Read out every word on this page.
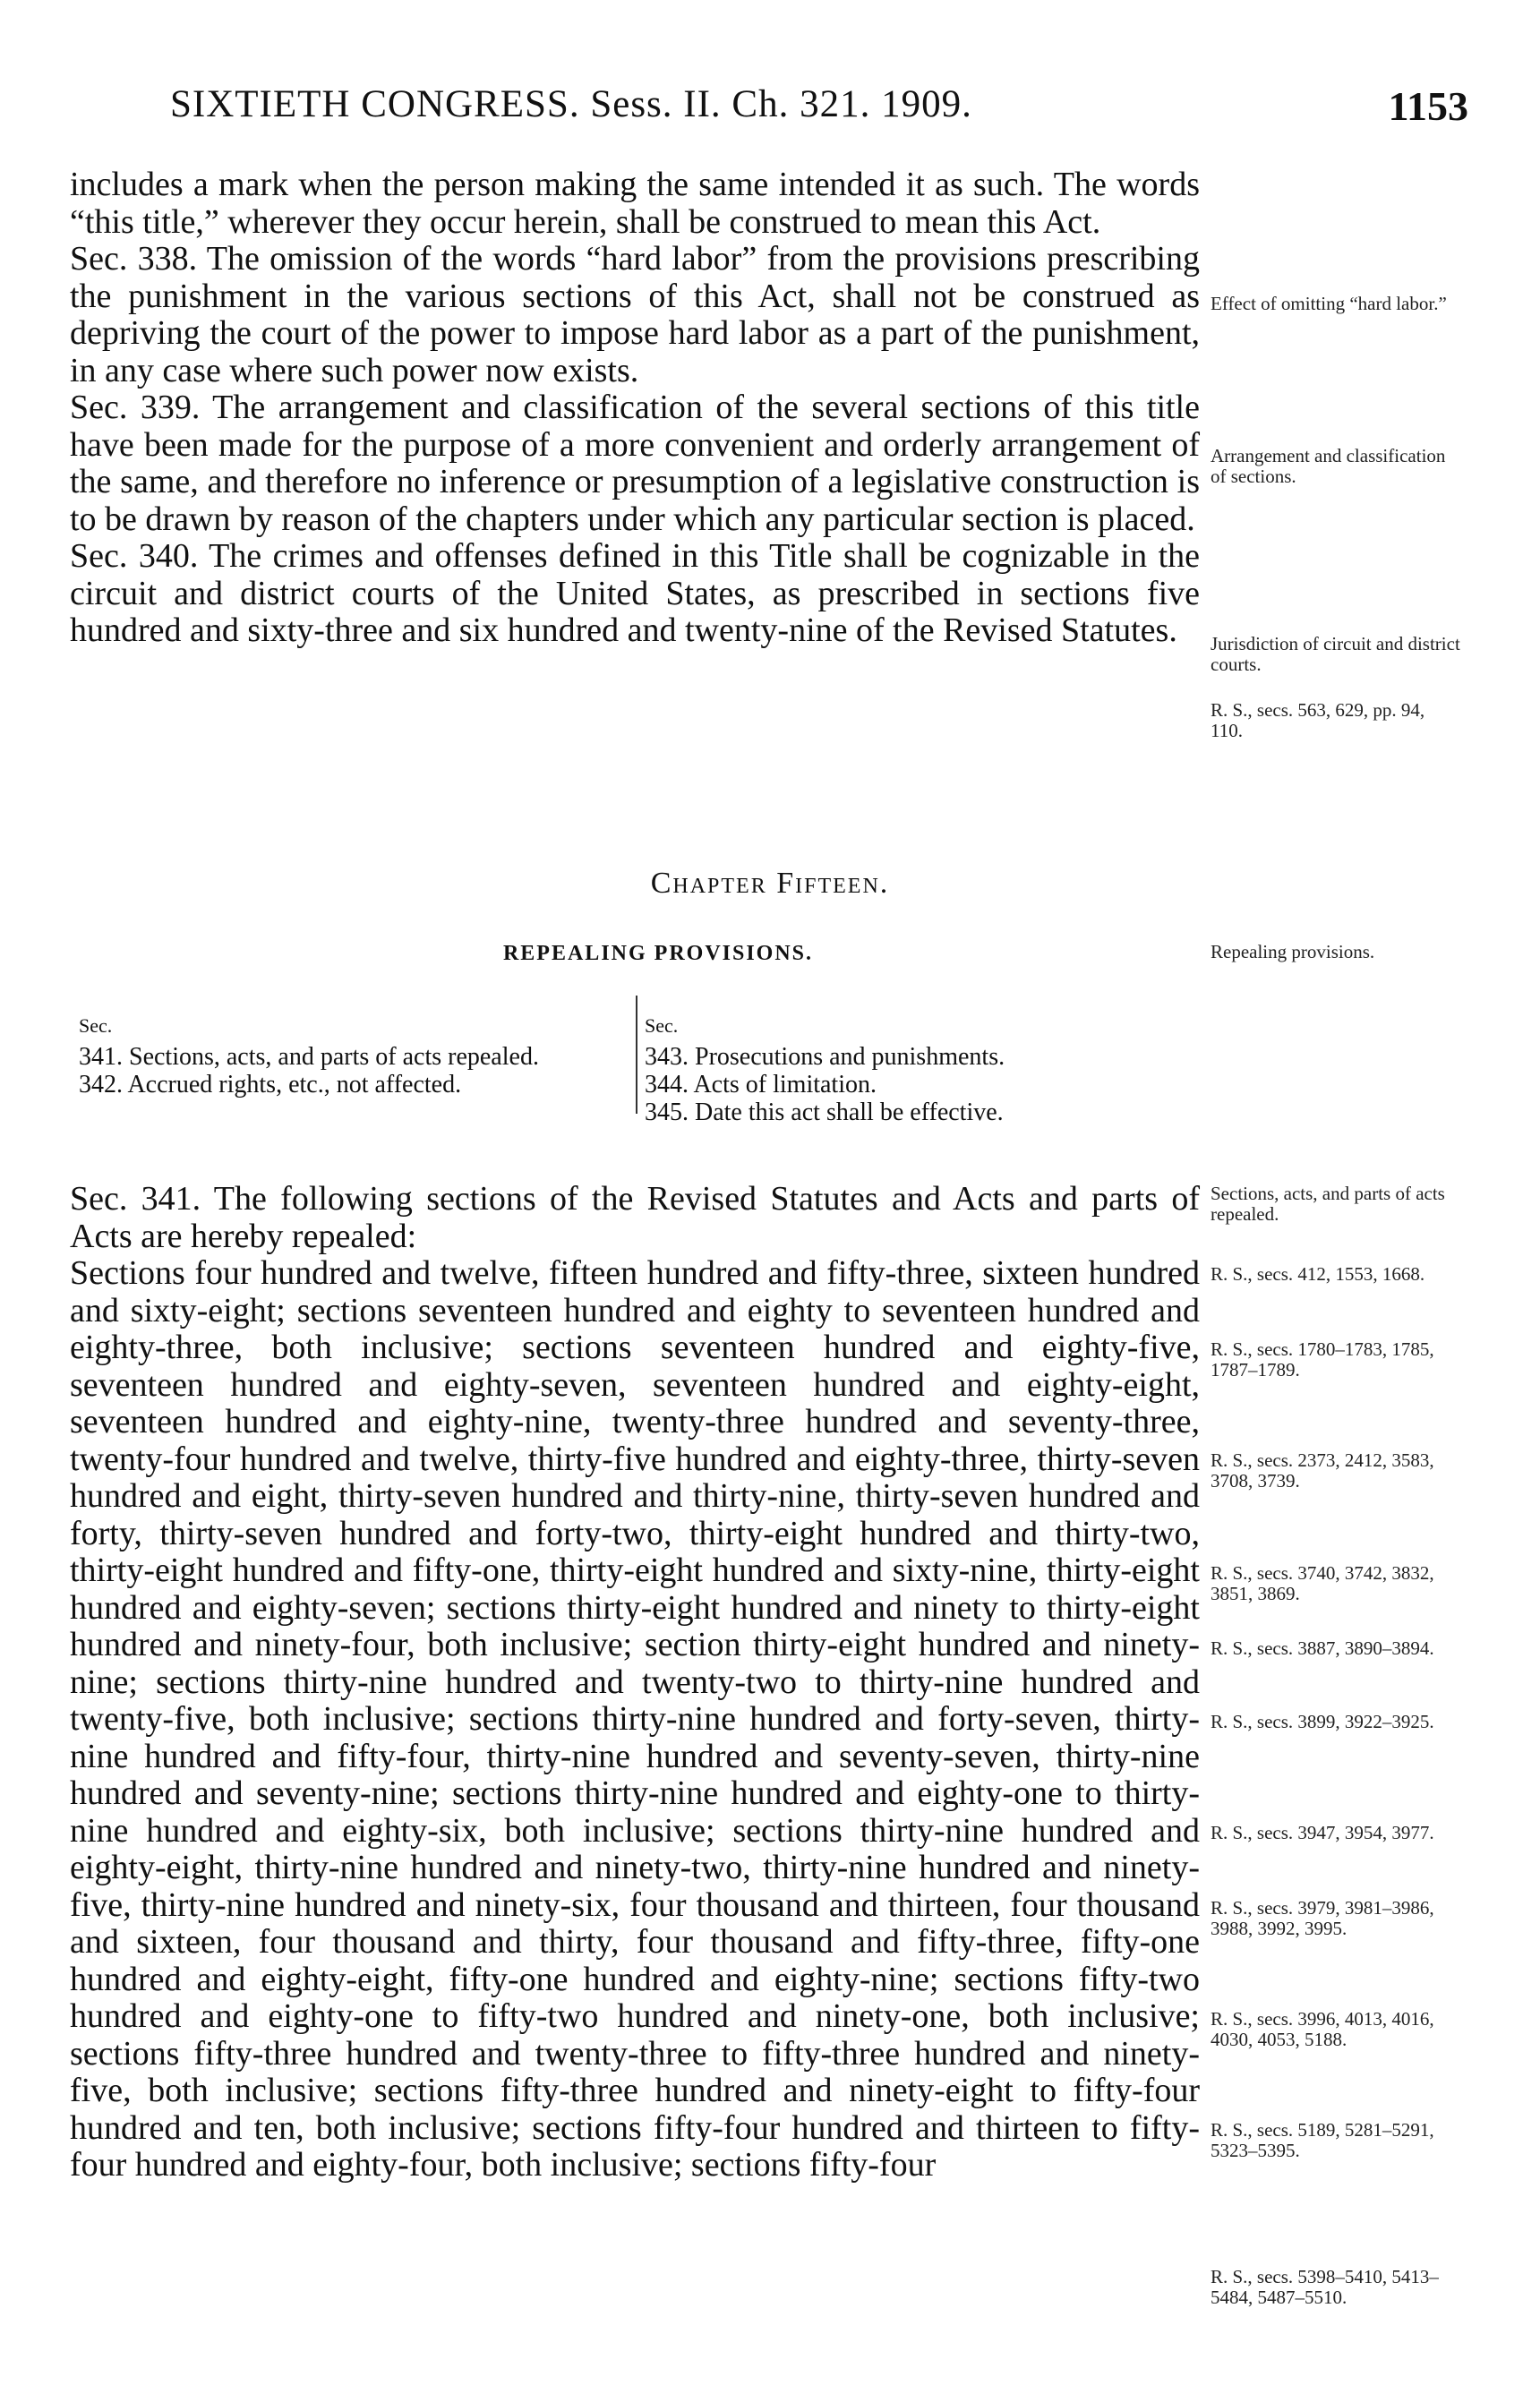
SIXTIETH CONGRESS. Sess. II. Ch. 321. 1909.	1153

includes a mark when the person making the same intended it as such. The words “this title,” wherever they occur herein, shall be construed to mean this Act.

Sec. 338. The omission of the words “hard labor” from the provisions prescribing the punishment in the various sections of this Act, shall not be construed as depriving the court of the power to impose hard labor as a part of the punishment, in any case where such power now exists.

Sec. 339. The arrangement and classification of the several sections of this title have been made for the purpose of a more convenient and orderly arrangement of the same, and therefore no inference or presumption of a legislative construction is to be drawn by reason of the chapters under which any particular section is placed.

Sec. 340. The crimes and offenses defined in this Title shall be cognizable in the circuit and district courts of the United States, as prescribed in sections five hundred and sixty-three and six hundred and twenty-nine of the Revised Statutes.

Effect of omitting “hard labor.”
Arrangement and classification of sections.
Jurisdiction of circuit and district courts.
R. S., secs. 563, 629, pp. 94, 110.
Chapter Fifteen.
REPEALING PROVISIONS.	Repealing provisions.

Sec.

341. Sections, acts, and parts of acts repealed.

342. Accrued rights, etc., not affected.

Sec.

343. Prosecutions and punishments.

344. Acts of limitation.

345. Date this act shall be effective.

Sec. 341. The following sections of the Revised Statutes and Acts and parts of Acts are hereby repealed:

Sections four hundred and twelve, fifteen hundred and fifty-three, sixteen hundred and sixty-eight; sections seventeen hundred and eighty to seventeen hundred and eighty-three, both inclusive; sections seventeen hundred and eighty-five, seventeen hundred and eighty-seven, seventeen hundred and eighty-eight, seventeen hundred and eighty-nine, twenty-three hundred and seventy-three, twenty-four hundred and twelve, thirty-five hundred and eighty-three, thirty-seven hundred and eight, thirty-seven hundred and thirty-nine, thirty-seven hundred and forty, thirty-seven hundred and forty-two, thirty-eight hundred and thirty-two, thirty-eight hundred and fifty-one, thirty-eight hundred and sixty-nine, thirty-eight hundred and eighty-seven; sections thirty-eight hundred and ninety to thirty-eight hundred and ninety-four, both inclusive; section thirty-eight hundred and ninety-nine; sections thirty-nine hundred and twenty-two to thirty-nine hundred and twenty-five, both inclusive; sections thirty-nine hundred and forty-seven, thirty-nine hundred and fifty-four, thirty-nine hundred and seventy-seven, thirty-nine hundred and seventy-nine; sections thirty-nine hundred and eighty-one to thirty-nine hundred and eighty-six, both inclusive; sections thirty-nine hundred and eighty-eight, thirty-nine hundred and ninety-two, thirty-nine hundred and ninety-five, thirty-nine hundred and ninety-six, four thousand and thirteen, four thousand and sixteen, four thousand and thirty, four thousand and fifty-three, fifty-one hundred and eighty-eight, fifty-one hundred and eighty-nine; sections fifty-two hundred and eighty-one to fifty-two hundred and ninety-one, both inclusive; sections fifty-three hundred and twenty-three to fifty-three hundred and ninety-five, both inclusive; sections fifty-three hundred and ninety-eight to fifty-four hundred and ten, both inclusive; sections fifty-four hundred and thirteen to fifty-four hundred and eighty-four, both inclusive; sections fifty-four

Sections, acts, and parts of acts repealed.
R. S., secs. 412, 1553, 1668.
R. S., secs. 1780–1783, 1785, 1787–1789.
R. S., secs. 2373, 2412, 3583, 3708, 3739.
R. S., secs. 3740, 3742, 3832, 3851, 3869.
R. S., secs. 3887, 3890–3894.
R. S., secs. 3899, 3922–3925.
R. S., secs. 3947, 3954, 3977.
R. S., secs. 3979, 3981–3986, 3988, 3992, 3995.
R. S., secs. 3996, 4013, 4016, 4030, 4053, 5188.
R. S., secs. 5189, 5281–5291, 5323–5395.
R. S., secs. 5398–5410, 5413–5484, 5487–5510.
